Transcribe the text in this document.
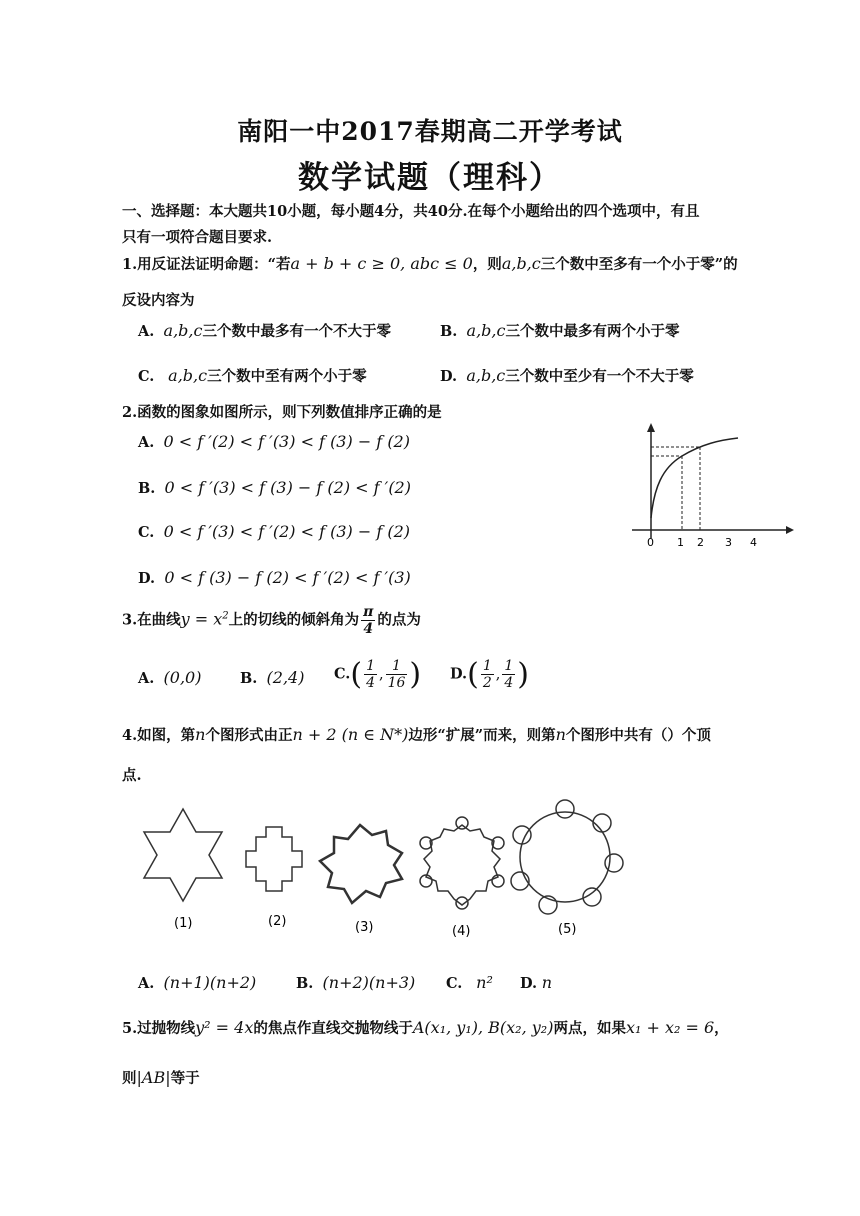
南阳一中2017春期高二开学考试
数学试题（理科）
一、选择题：本大题共10小题，每小题4分，共40分.在每个小题给出的四个选项中，有且
只有一项符合题目要求.
1.用反证法证明命题：“若a + b + c ≥ 0, abc ≤ 0，则a,b,c三个数中至多有一个小于零”的
反设内容为
A. a,b,c三个数中最多有一个不大于零	B. a,b,c三个数中最多有两个小于零
C. a,b,c三个数中至有两个小于零	D. a,b,c三个数中至少有一个不大于零
2.函数的图象如图所示，则下列数值排序正确的是
A. 0 < f ′(2) < f ′(3) < f (3) − f (2)
B. 0 < f ′(3) < f (3) − f (2) < f ′(2)
C. 0 < f ′(3) < f ′(2) < f (3) − f (2)
D. 0 < f (3) − f (2) < f ′(2) < f ′(3)
0 1 2 3 4
3.在曲线$y = x^2$上的切线的倾斜角为 $\frac{\pi}{4}$ 的点为
A. (0,0)	B. (2,4) $C.( \frac{1}{4}$ , $\frac{1}{16}$ ) $D.( \frac{1}{2}$ , $\frac{1}{4}$ )
4.如图，第n个图形式由正n + 2 (n ∈ N*)边形“扩展”而来，则第n个图形中共有（）个顶
点.
(1)	(2)	(3)	(4)	(5)
A. (n+1)(n+2)	B. (n+2)(n+3) C. n² D. n
5.过抛物线y² = 4x的焦点作直线交抛物线于A(x₁, y₁), B(x₂, y₂)两点，如果x₁ + x₂ = 6，
则|AB|等于
